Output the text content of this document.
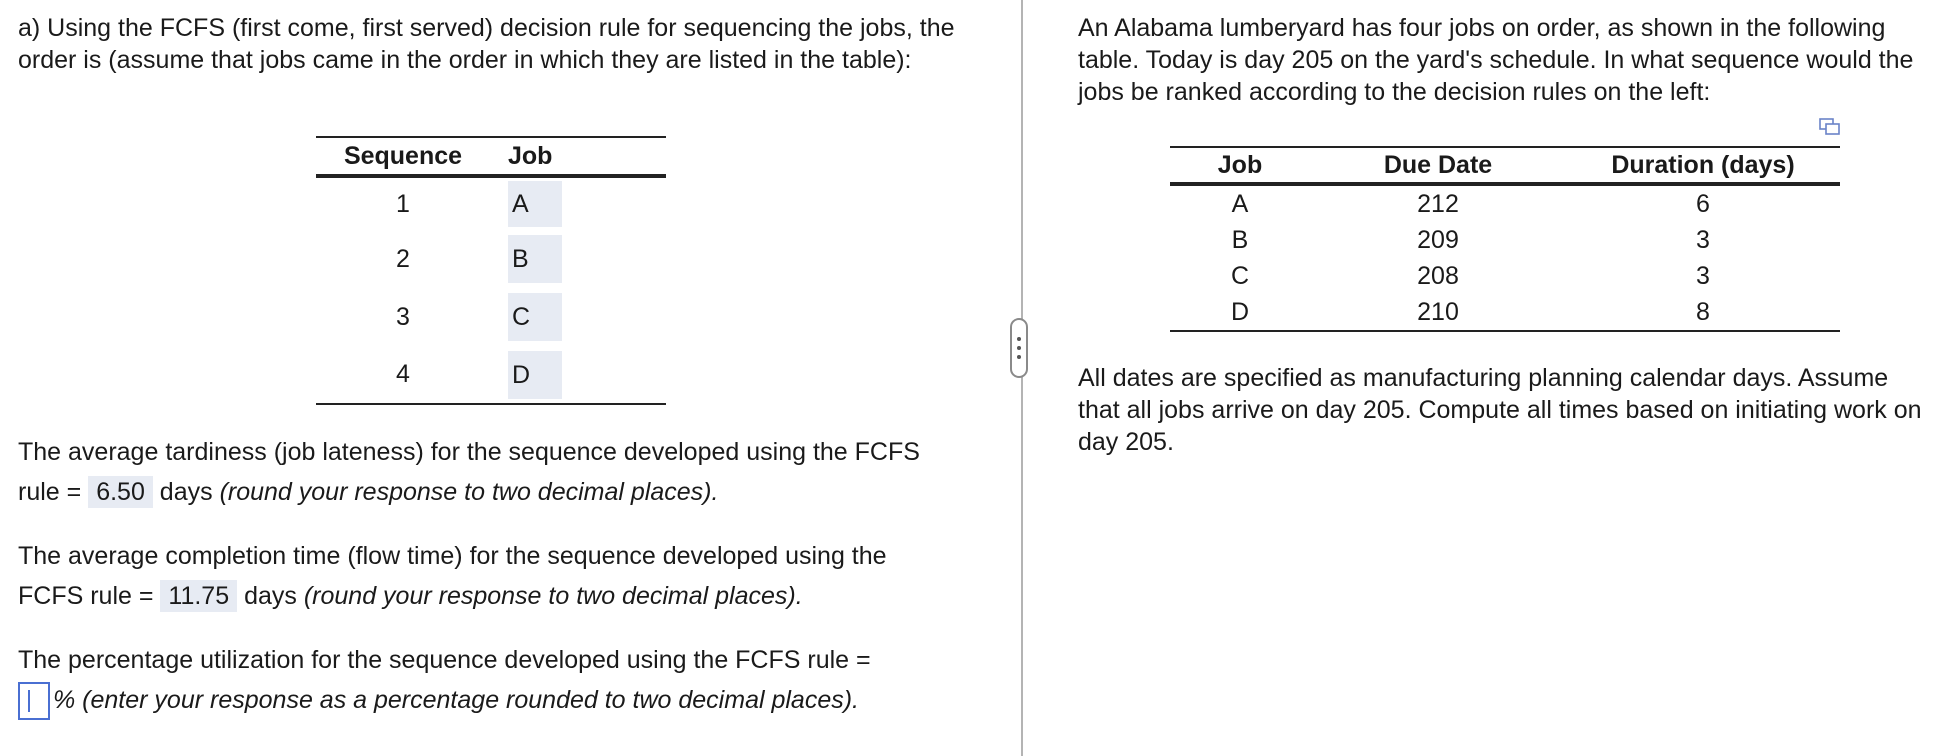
a) Using the FCFS (first come, first served) decision rule for sequencing the jobs, the order is (assume that jobs came in the order in which they are listed in the table):

Sequence	Job
1	A
2	B
3	C
4	D

The average tardiness (job lateness) for the sequence developed using the FCFS
rule = 6.50 days (round your response to two decimal places).

The average completion time (flow time) for the sequence developed using the
FCFS rule = 11.75 days (round your response to two decimal places).

The percentage utilization for the sequence developed using the FCFS rule =
% (enter your response as a percentage rounded to two decimal places).

An Alabama lumberyard has four jobs on order, as shown in the following table. Today is day 205 on the yard's schedule. In what sequence would the jobs be ranked according to the decision rules on the left:

Job	Due Date	Duration (days)
A	212	6
B	209	3
C	208	3
D	210	8

All dates are specified as manufacturing planning calendar days. Assume that all jobs arrive on day 205. Compute all times based on initiating work on day 205.
